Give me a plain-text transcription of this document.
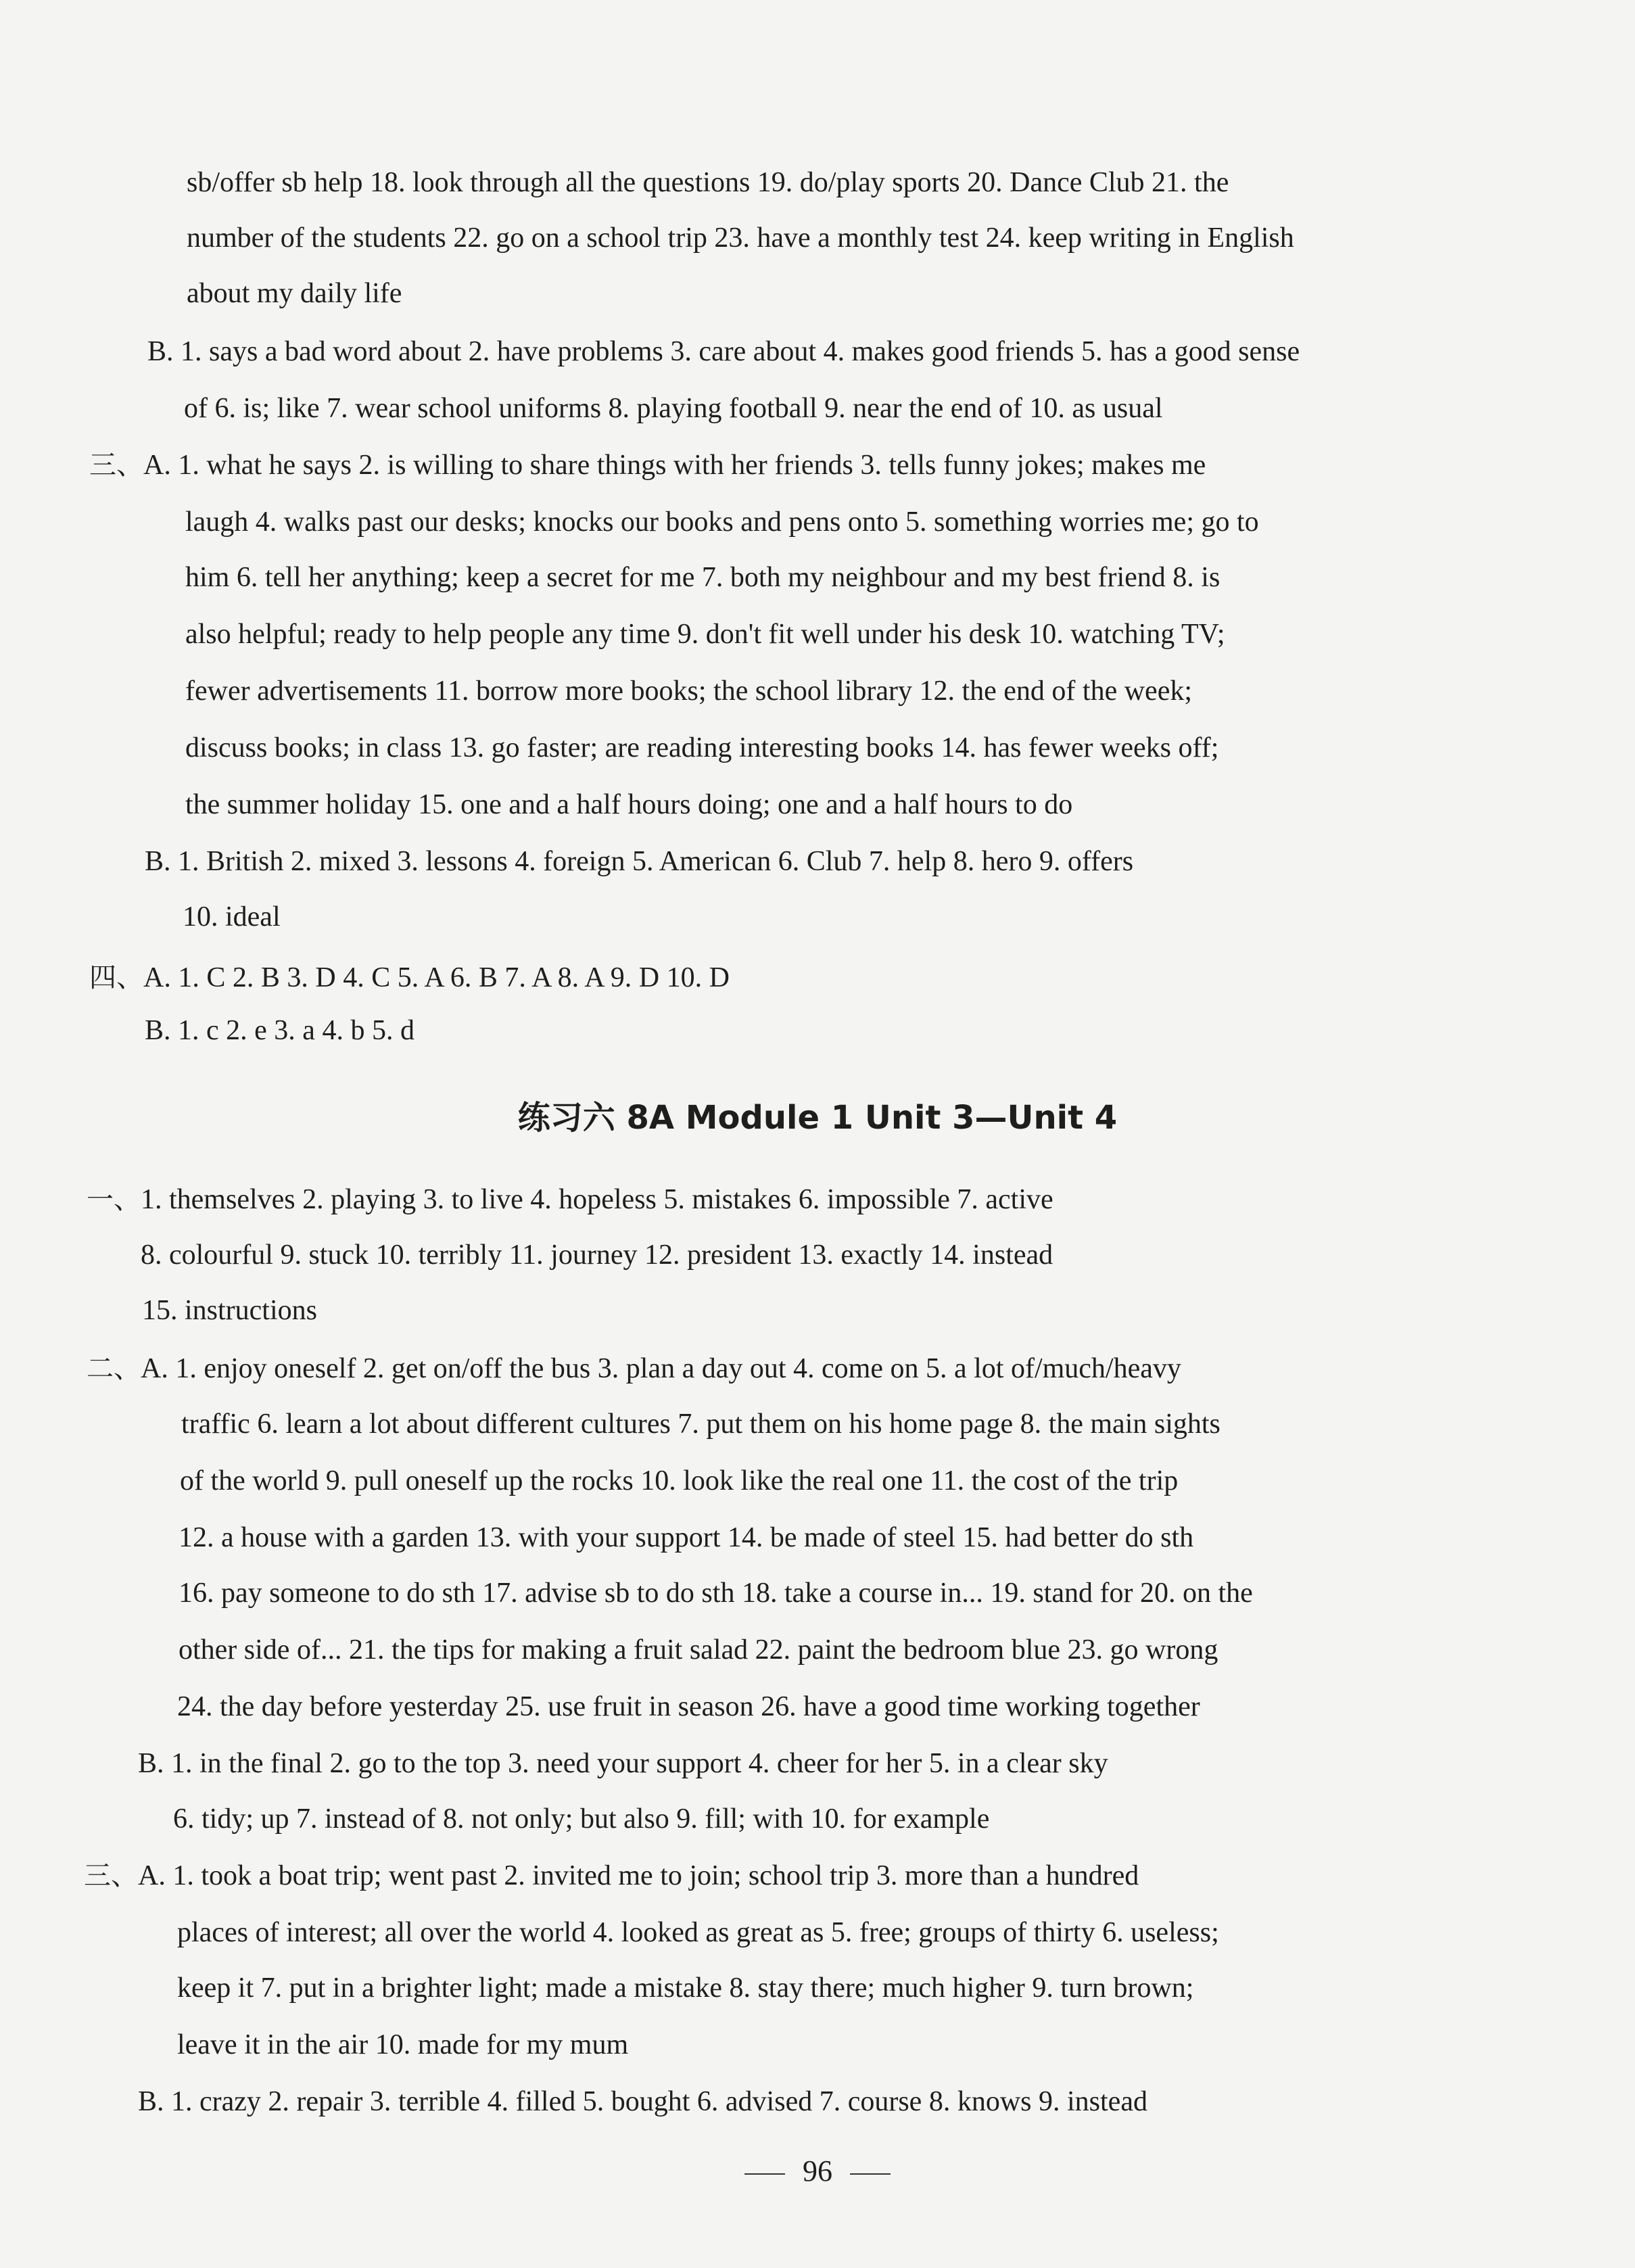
sb/offer sb help 18. look through all the questions 19. do/play sports 20. Dance Club 21. the
number of the students 22. go on a school trip 23. have a monthly test 24. keep writing in English
about my daily life
B. 1. says a bad word about 2. have problems 3. care about 4. makes good friends 5. has a good sense
of 6. is; like 7. wear school uniforms 8. playing football 9. near the end of 10. as usual
三、A. 1. what he says 2. is willing to share things with her friends 3. tells funny jokes; makes me
laugh 4. walks past our desks; knocks our books and pens onto 5. something worries me; go to
him 6. tell her anything; keep a secret for me 7. both my neighbour and my best friend 8. is
also helpful; ready to help people any time 9. don't fit well under his desk 10. watching TV;
fewer advertisements 11. borrow more books; the school library 12. the end of the week;
discuss books; in class 13. go faster; are reading interesting books 14. has fewer weeks off;
the summer holiday 15. one and a half hours doing; one and a half hours to do
B. 1. British 2. mixed 3. lessons 4. foreign 5. American 6. Club 7. help 8. hero 9. offers
10. ideal
四、A. 1. C 2. B 3. D 4. C 5. A 6. B 7. A 8. A 9. D 10. D
B. 1. c 2. e 3. a 4. b 5. d
练习六 8A Module 1 Unit 3—Unit 4
一、1. themselves 2. playing 3. to live 4. hopeless 5. mistakes 6. impossible 7. active
8. colourful 9. stuck 10. terribly 11. journey 12. president 13. exactly 14. instead
15. instructions
二、A. 1. enjoy oneself 2. get on/off the bus 3. plan a day out 4. come on 5. a lot of/much/heavy
traffic 6. learn a lot about different cultures 7. put them on his home page 8. the main sights
of the world 9. pull oneself up the rocks 10. look like the real one 11. the cost of the trip
12. a house with a garden 13. with your support 14. be made of steel 15. had better do sth
16. pay someone to do sth 17. advise sb to do sth 18. take a course in... 19. stand for 20. on the
other side of... 21. the tips for making a fruit salad 22. paint the bedroom blue 23. go wrong
24. the day before yesterday 25. use fruit in season 26. have a good time working together
B. 1. in the final 2. go to the top 3. need your support 4. cheer for her 5. in a clear sky
6. tidy; up 7. instead of 8. not only; but also 9. fill; with 10. for example
三、A. 1. took a boat trip; went past 2. invited me to join; school trip 3. more than a hundred
places of interest; all over the world 4. looked as great as 5. free; groups of thirty 6. useless;
keep it 7. put in a brighter light; made a mistake 8. stay there; much higher 9. turn brown;
leave it in the air 10. made for my mum
B. 1. crazy 2. repair 3. terrible 4. filled 5. bought 6. advised 7. course 8. knows 9. instead
96
